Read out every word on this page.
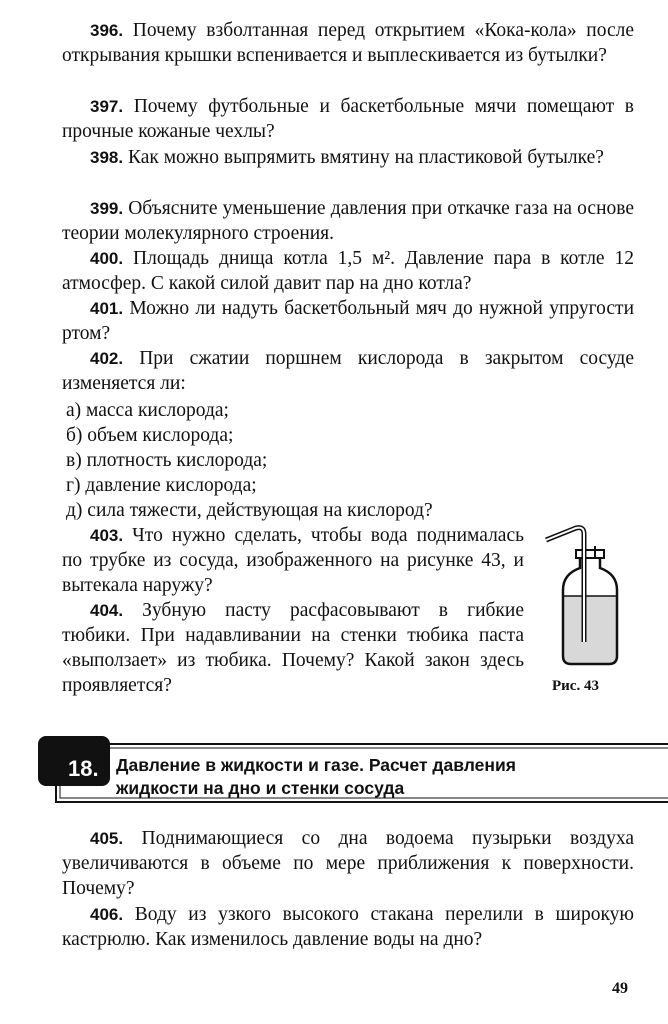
396. Почему взболтанная перед открытием «Кока-кола» после открывания крышки вспенивается и выплескивается из бутылки?
397. Почему футбольные и баскетбольные мячи помещают в прочные кожаные чехлы?
398. Как можно выпрямить вмятину на пластиковой бутылке?
399. Объясните уменьшение давления при откачке газа на основе теории молекулярного строения.
400. Площадь днища котла 1,5 м². Давление пара в котле 12 атмосфер. С какой силой давит пар на дно котла?
401. Можно ли надуть баскетбольный мяч до нужной упругости ртом?
402. При сжатии поршнем кислорода в закрытом сосуде изменяется ли:
а) масса кислорода;
б) объем кислорода;
в) плотность кислорода;
г) давление кислорода;
д) сила тяжести, действующая на кислород?
403. Что нужно сделать, чтобы вода поднималась по трубке из сосуда, изображенного на рисунке 43, и вытекала наружу?
404. Зубную пасту расфасовывают в гибкие тюбики. При надавливании на стенки тюбика паста «выползает» из тюбика. Почему? Какой закон здесь проявляется?	Рис. 43
18. Давление в жидкости и газе. Расчет давления
жидкости на дно и стенки сосуда
405. Поднимающиеся со дна водоема пузырьки воздуха увеличиваются в объеме по мере приближения к поверхности. Почему?
406. Воду из узкого высокого стакана перелили в широкую кастрюлю. Как изменилось давление воды на дно?
49
